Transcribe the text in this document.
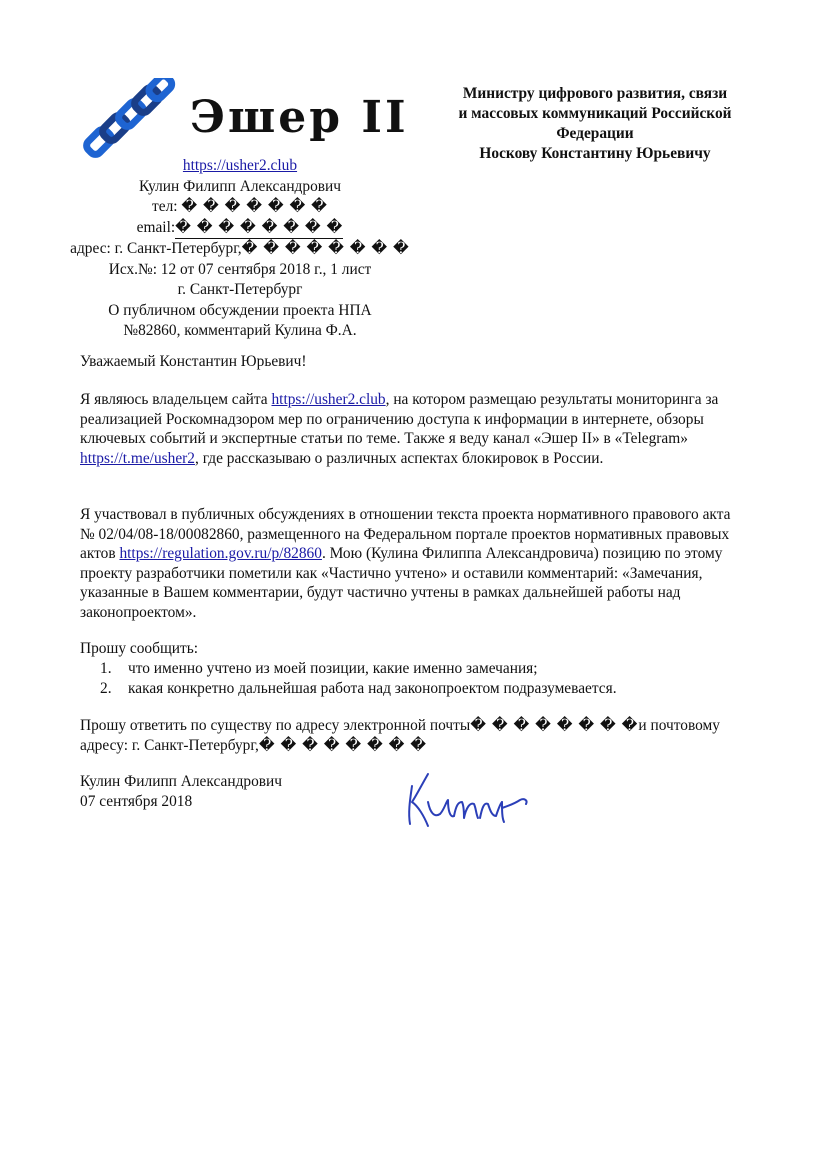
Эшер II	Министру цифрового развития, связи
и массовых коммуникаций Российской
Федерации
Носкову Константину Юрьевичу
https://usher2.club
Кулин Филипп Александрович
тел: � � � � � � �
email:� � � � � � � �
адрес: г. Санкт-Петербург,� � � � � � � �
Исх.№: 12 от 07 сентября 2018 г., 1 лист
г. Санкт-Петербург
О публичном обсуждении проекта НПА
№82860, комментарий Кулина Ф.А.
Уважаемый Константин Юрьевич!

Я являюсь владельцем сайта https://usher2.club, на котором размещаю результаты мониторинга за реализацией Роскомнадзором мер по ограничению доступа к информации в интернете, обзоры ключевых событий и экспертные статьи по теме. Также я веду канал «Эшер II» в «Telegram» https://t.me/usher2, где рассказываю о различных аспектах блокировок в России.

Я участвовал в публичных обсуждениях в отношении текста проекта нормативного правового акта № 02/04/08-18/00082860, размещенного на Федеральном портале проектов нормативных правовых актов https://regulation.gov.ru/p/82860. Мою (Кулина Филиппа Александровича) позицию по этому проекту разработчики пометили как «Частично учтено» и оставили комментарий: «Замечания, указанные в Вашем комментарии, будут частично учтены в рамках дальнейшей работы над законопроектом».

Прошу сообщить:
1.	что именно учтено из моей позиции, какие именно замечания;
2.	какая конкретно дальнейшая работа над законопроектом подразумевается.

Прошу ответить по существу по адресу электронной почты� � � � � � � �и почтовому адресу: г. Санкт-Петербург,� � � � � � � �

Кулин Филипп Александрович
07 сентября 2018
